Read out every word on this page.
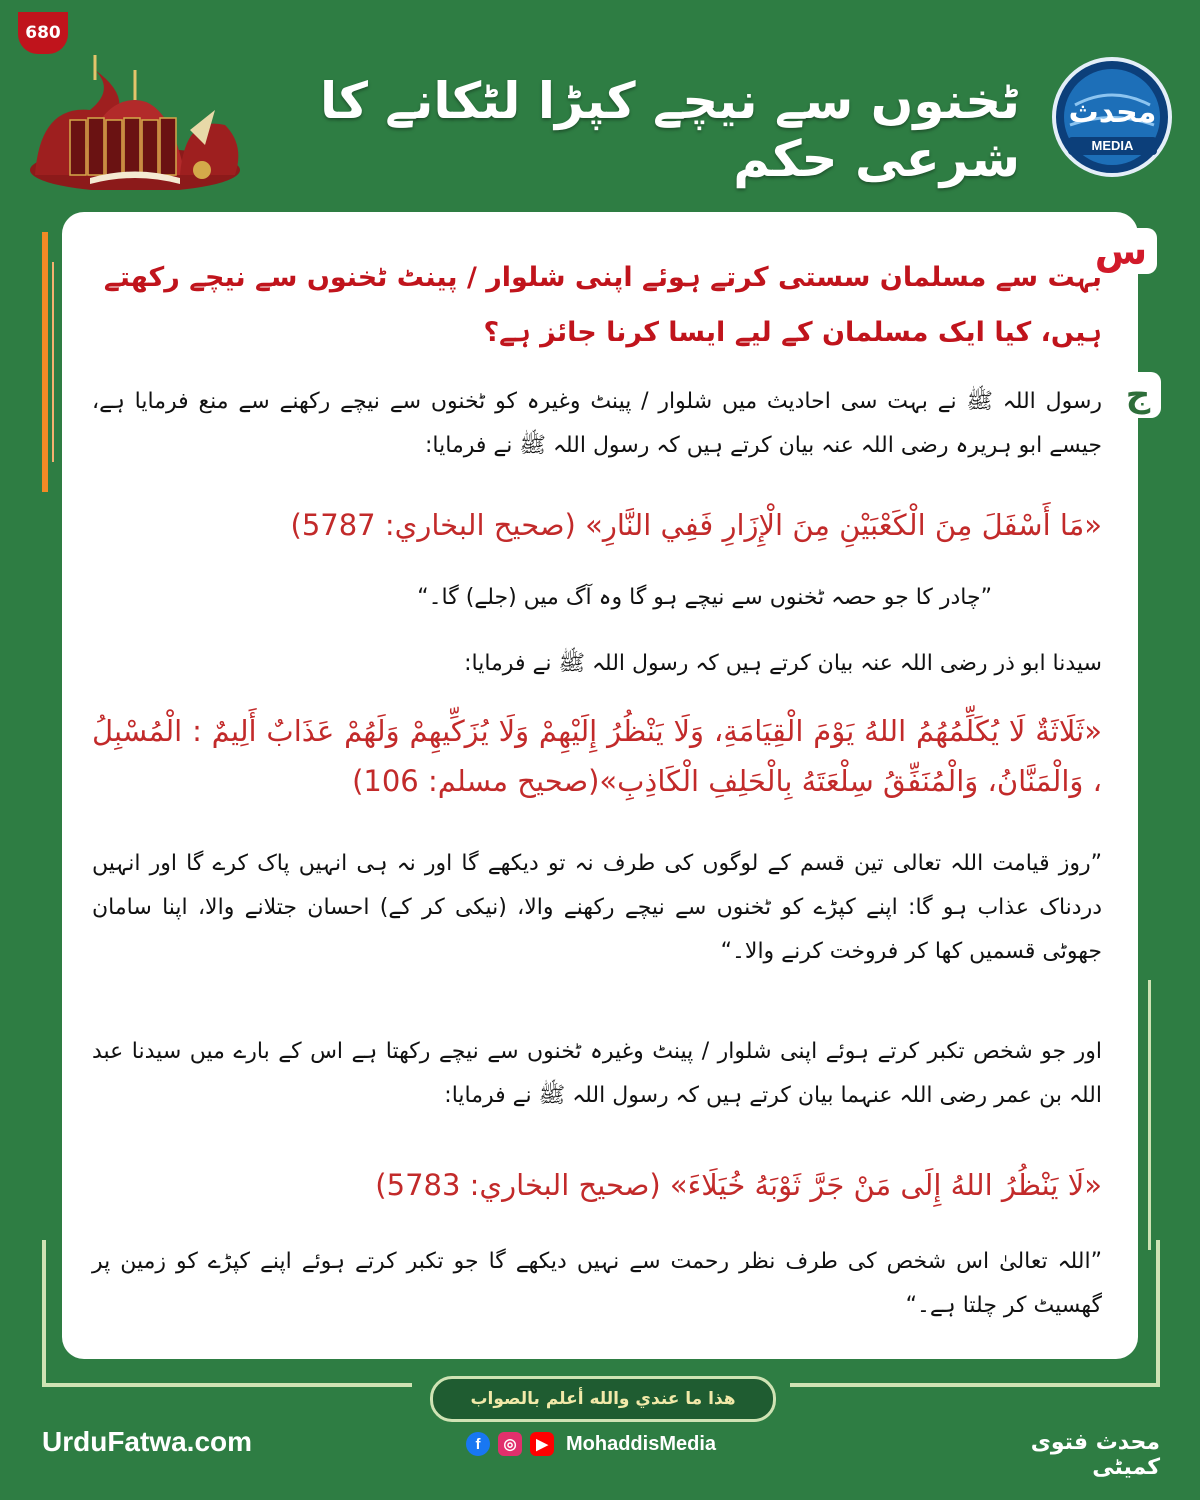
680
ٹخنوں سے نیچے کپڑا لٹکانے کا شرعی حکم
محدث
MEDIA
س
ج
بہت سے مسلمان سستی کرتے ہوئے اپنی شلوار / پینٹ ٹخنوں سے نیچے رکھتے ہیں، کیا ایک مسلمان کے لیے ایسا کرنا جائز ہے؟
رسول اللہ ﷺ نے بہت سی احادیث میں شلوار / پینٹ وغیرہ کو ٹخنوں سے نیچے رکھنے سے منع فرمایا ہے، جیسے ابو ہریرہ رضی اللہ عنہ بیان کرتے ہیں کہ رسول اللہ ﷺ نے فرمایا:
«مَا أَسْفَلَ مِنَ الْكَعْبَيْنِ مِنَ الْإِزَارِ فَفِي النَّارِ» (صحيح البخاري: 5787)
”چادر کا جو حصہ ٹخنوں سے نیچے ہو گا وہ آگ میں (جلے) گا۔“
سیدنا ابو ذر رضی اللہ عنہ بیان کرتے ہیں کہ رسول اللہ ﷺ نے فرمایا:
«ثَلَاثَةٌ لَا يُكَلِّمُهُمُ اللهُ يَوْمَ الْقِيَامَةِ، وَلَا يَنْظُرُ إِلَيْهِمْ وَلَا يُزَكِّيهِمْ وَلَهُمْ عَذَابٌ أَلِيمٌ : الْمُسْبِلُ ، وَالْمَنَّانُ، وَالْمُنَفِّقُ سِلْعَتَهُ بِالْحَلِفِ الْكَاذِبِ»(صحيح مسلم: 106)
”روز قیامت اللہ تعالی تین قسم کے لوگوں کی طرف نہ تو دیکھے گا اور نہ ہی انہیں پاک کرے گا اور انہیں دردناک عذاب ہو گا: اپنے کپڑے کو ٹخنوں سے نیچے رکھنے والا، (نیکی کر کے) احسان جتلانے والا، اپنا سامان جھوٹی قسمیں کھا کر فروخت کرنے والا۔“
اور جو شخص تکبر کرتے ہوئے اپنی شلوار / پینٹ وغیرہ ٹخنوں سے نیچے رکھتا ہے اس کے بارے میں سیدنا عبد اللہ بن عمر رضی اللہ عنہما بیان کرتے ہیں کہ رسول اللہ ﷺ نے فرمایا:
«لَا يَنْظُرُ اللهُ إِلَى مَنْ جَرَّ ثَوْبَهُ خُيَلَاءَ» (صحيح البخاري: 5783)
”اللہ تعالیٰ اس شخص کی طرف نظر رحمت سے نہیں دیکھے گا جو تکبر کرتے ہوئے اپنے کپڑے کو زمین پر گھسیٹ کر چلتا ہے۔“
هذا ما عندي والله أعلم بالصواب
UrduFatwa.com	f	◎	▶ MohaddisMedia	محدث فتوی کمیٹی
